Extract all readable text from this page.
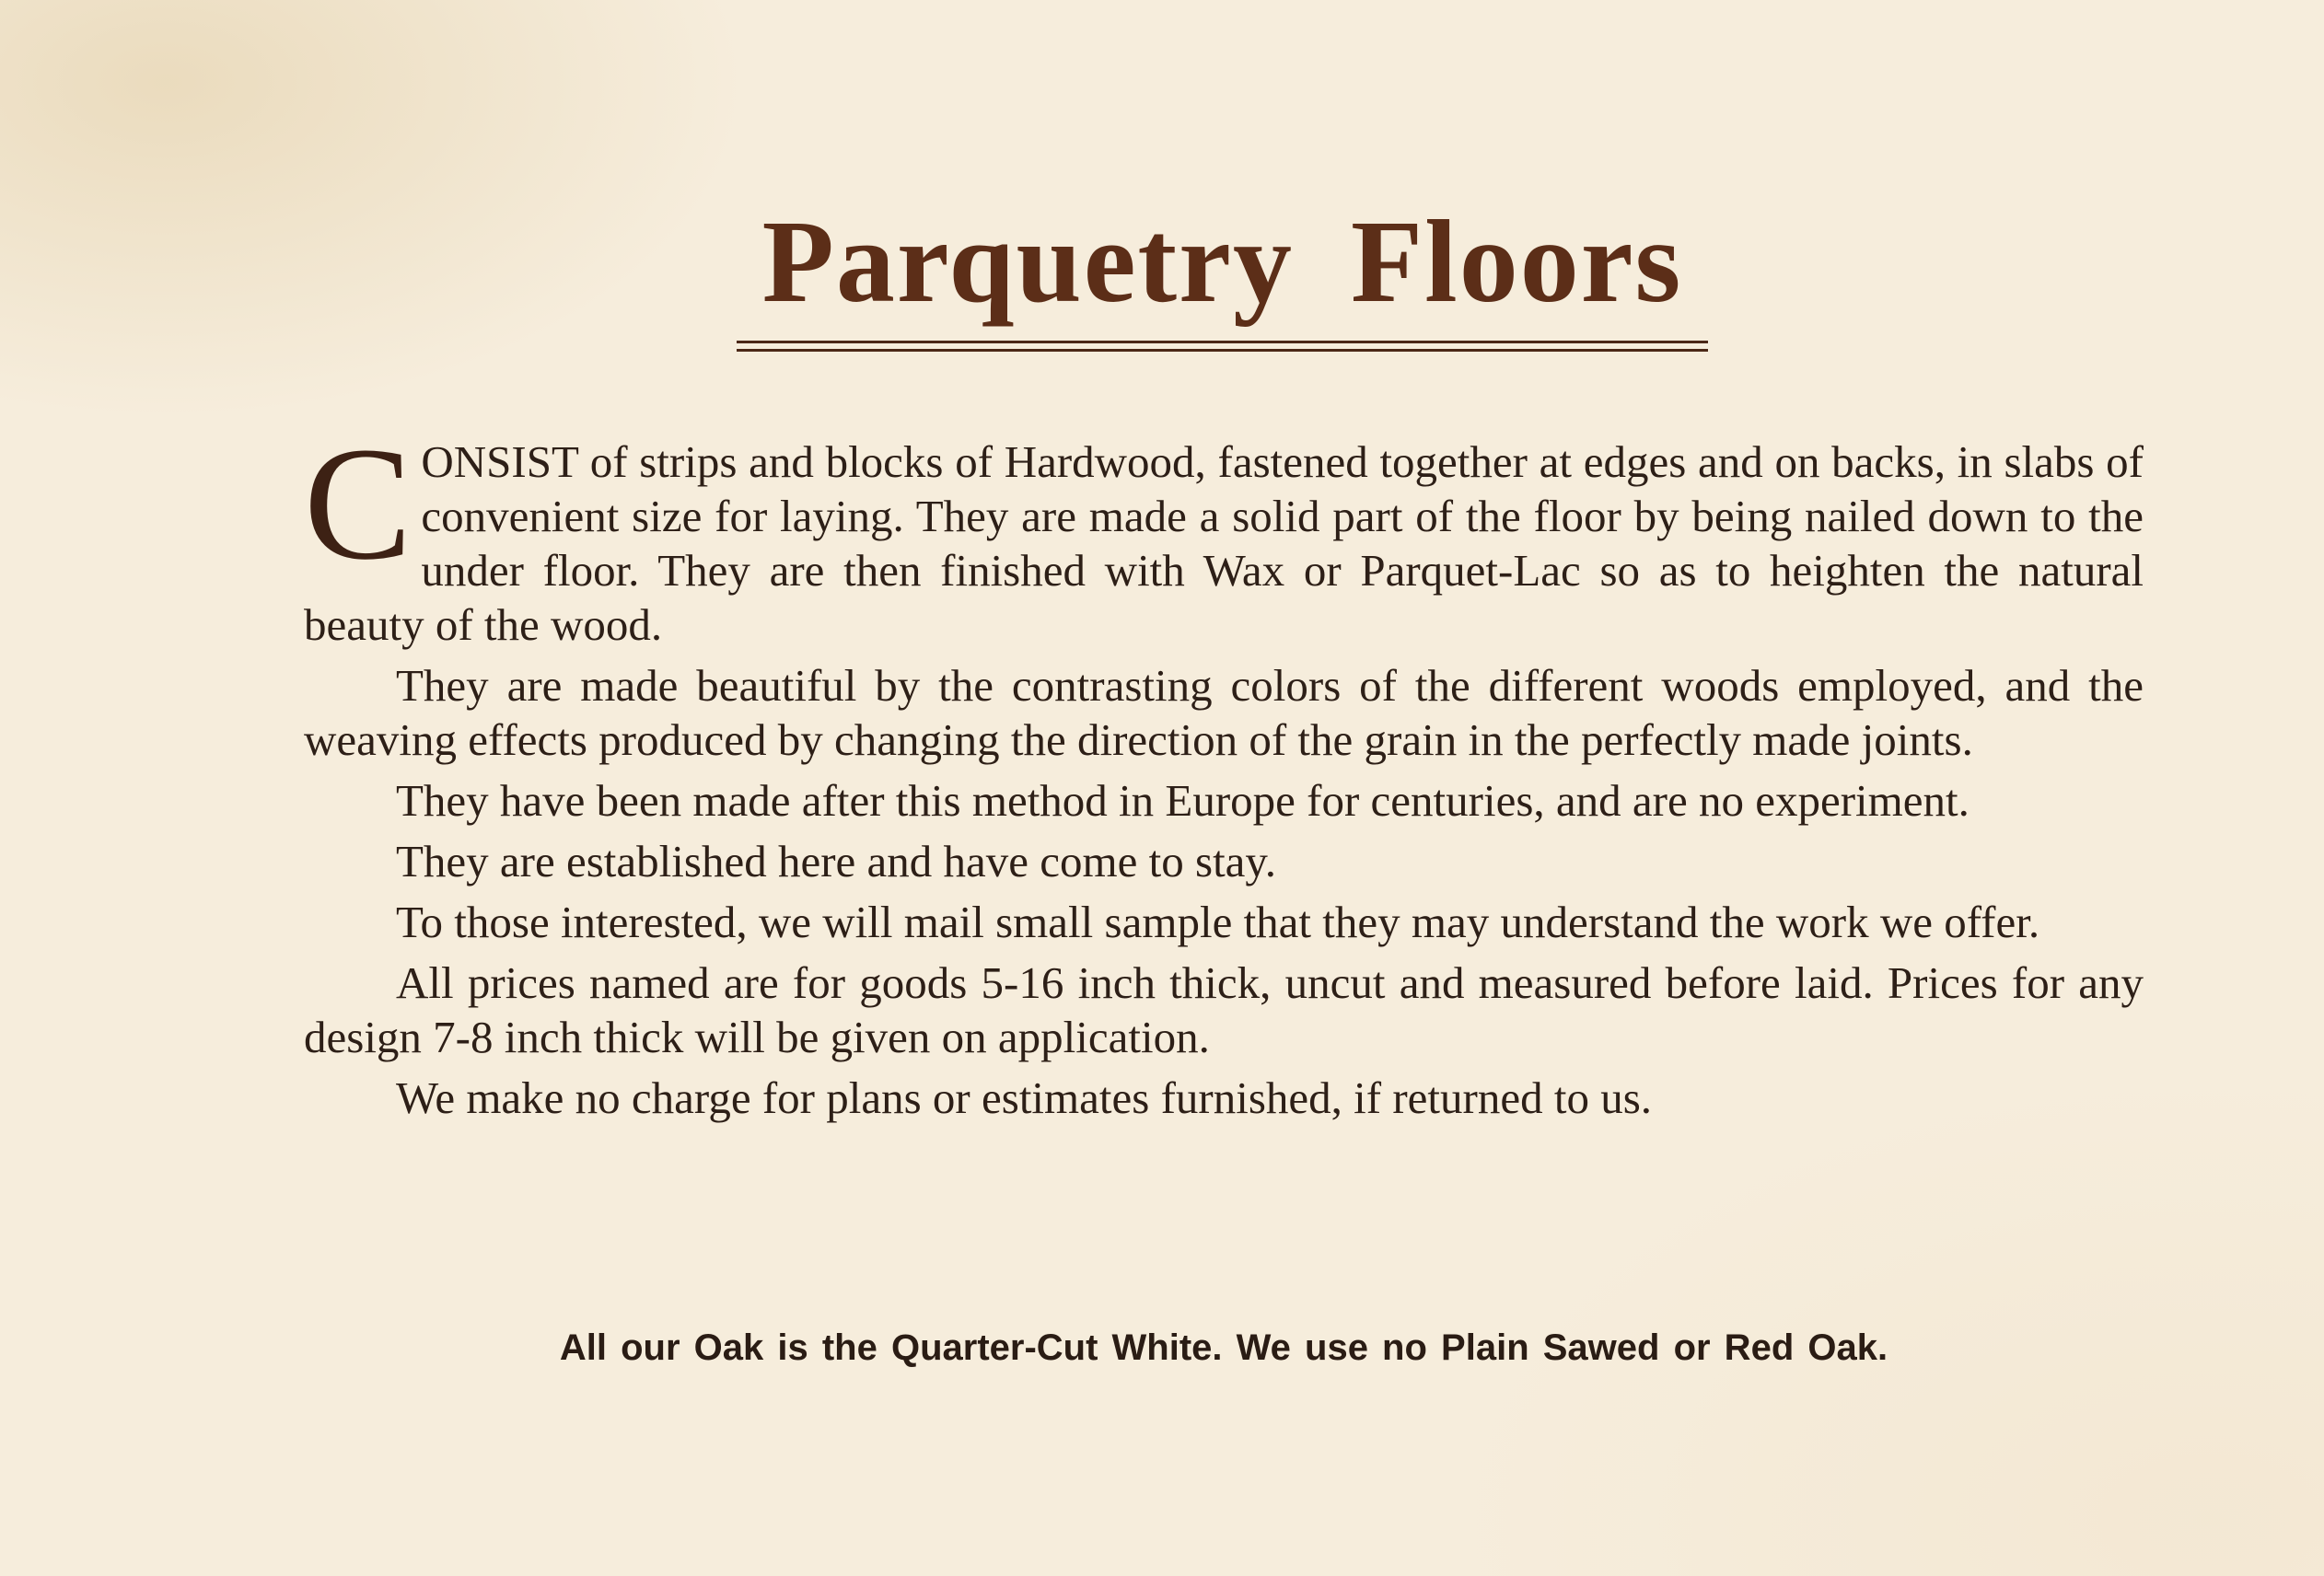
Parquetry Floors

CONSIST of strips and blocks of Hardwood, fastened together at edges and on backs, in slabs of convenient size for laying. They are made a solid part of the floor by being nailed down to the under floor. They are then finished with Wax or Parquet-Lac so as to heighten the natural beauty of the wood.

They are made beautiful by the contrasting colors of the different woods employed, and the weaving effects produced by changing the direction of the grain in the perfectly made joints.

They have been made after this method in Europe for centuries, and are no experiment.

They are established here and have come to stay.

To those interested, we will mail small sample that they may understand the work we offer.

All prices named are for goods 5-16 inch thick, uncut and measured before laid. Prices for any design 7-8 inch thick will be given on application.

We make no charge for plans or estimates furnished, if returned to us.

All our Oak is the Quarter-Cut White. We use no Plain Sawed or Red Oak.
